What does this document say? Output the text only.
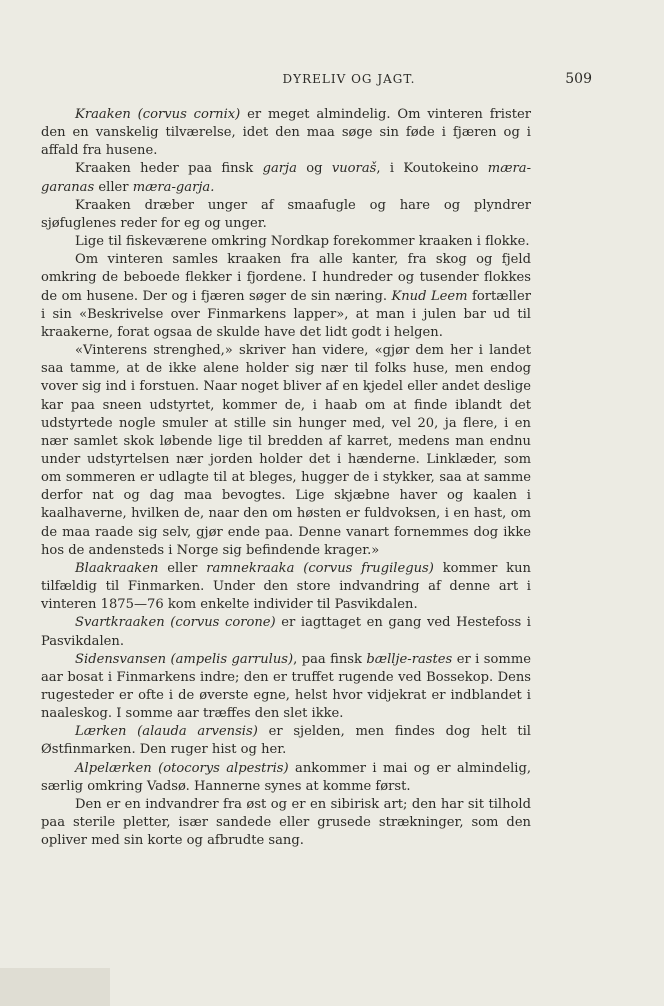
DYRELIV OG JAGT.	509

Kraaken (corvus cornix) er meget almindelig. Om vinteren frister den en vanskelig tilværelse, idet den maa søge sin føde i fjæren og i affald fra husene.

Kraaken heder paa finsk garja og vuoraš, i Koutokeino mæra-garanas eller mæra-garja.

Kraaken dræber unger af smaafugle og hare og plyndrer sjøfuglenes reder for eg og unger.

Lige til fiskeværene omkring Nordkap forekommer kraaken i flokke.

Om vinteren samles kraaken fra alle kanter, fra skog og fjeld omkring de beboede flekker i fjordene. I hundreder og tusender flokkes de om husene. Der og i fjæren søger de sin næring. Knud Leem fortæller i sin «Beskrivelse over Finmarkens lapper», at man i julen bar ud til kraakerne, forat ogsaa de skulde have det lidt godt i helgen.

«Vinterens strenghed,» skriver han videre, «gjør dem her i landet saa tamme, at de ikke alene holder sig nær til folks huse, men endog vover sig ind i forstuen. Naar noget bliver af en kjedel eller andet deslige kar paa sneen udstyrtet, kommer de, i haab om at finde iblandt det udstyrtede nogle smuler at stille sin hunger med, vel 20, ja flere, i en nær samlet skok løbende lige til bredden af karret, medens man endnu under udstyrtelsen nær jorden holder det i hænderne. Linklæder, som om sommeren er udlagte til at bleges, hugger de i stykker, saa at samme derfor nat og dag maa bevogtes. Lige skjæbne haver og kaalen i kaalhaverne, hvilken de, naar den om høsten er fuldvoksen, i en hast, om de maa raade sig selv, gjør ende paa. Denne vanart fornemmes dog ikke hos de andensteds i Norge sig befindende krager.»

Blaakraaken eller ramnekraaka (corvus frugilegus) kommer kun tilfældig til Finmarken. Under den store indvandring af denne art i vinteren 1875—76 kom enkelte individer til Pasvikdalen.

Svartkraaken (corvus corone) er iagttaget en gang ved Hestefoss i Pasvikdalen.

Sidensvansen (ampelis garrulus), paa finsk bællje-rastes er i somme aar bosat i Finmarkens indre; den er truffet rugende ved Bossekop. Dens rugesteder er ofte i de øverste egne, helst hvor vidjekrat er indblandet i naaleskog. I somme aar træffes den slet ikke.

Lærken (alauda arvensis) er sjelden, men findes dog helt til Østfinmarken. Den ruger hist og her.

Alpelærken (otocorys alpestris) ankommer i mai og er almindelig, særlig omkring Vadsø. Hannerne synes at komme først.

Den er en indvandrer fra øst og er en sibirisk art; den har sit tilhold paa sterile pletter, især sandede eller grusede strækninger, som den opliver med sin korte og afbrudte sang.
